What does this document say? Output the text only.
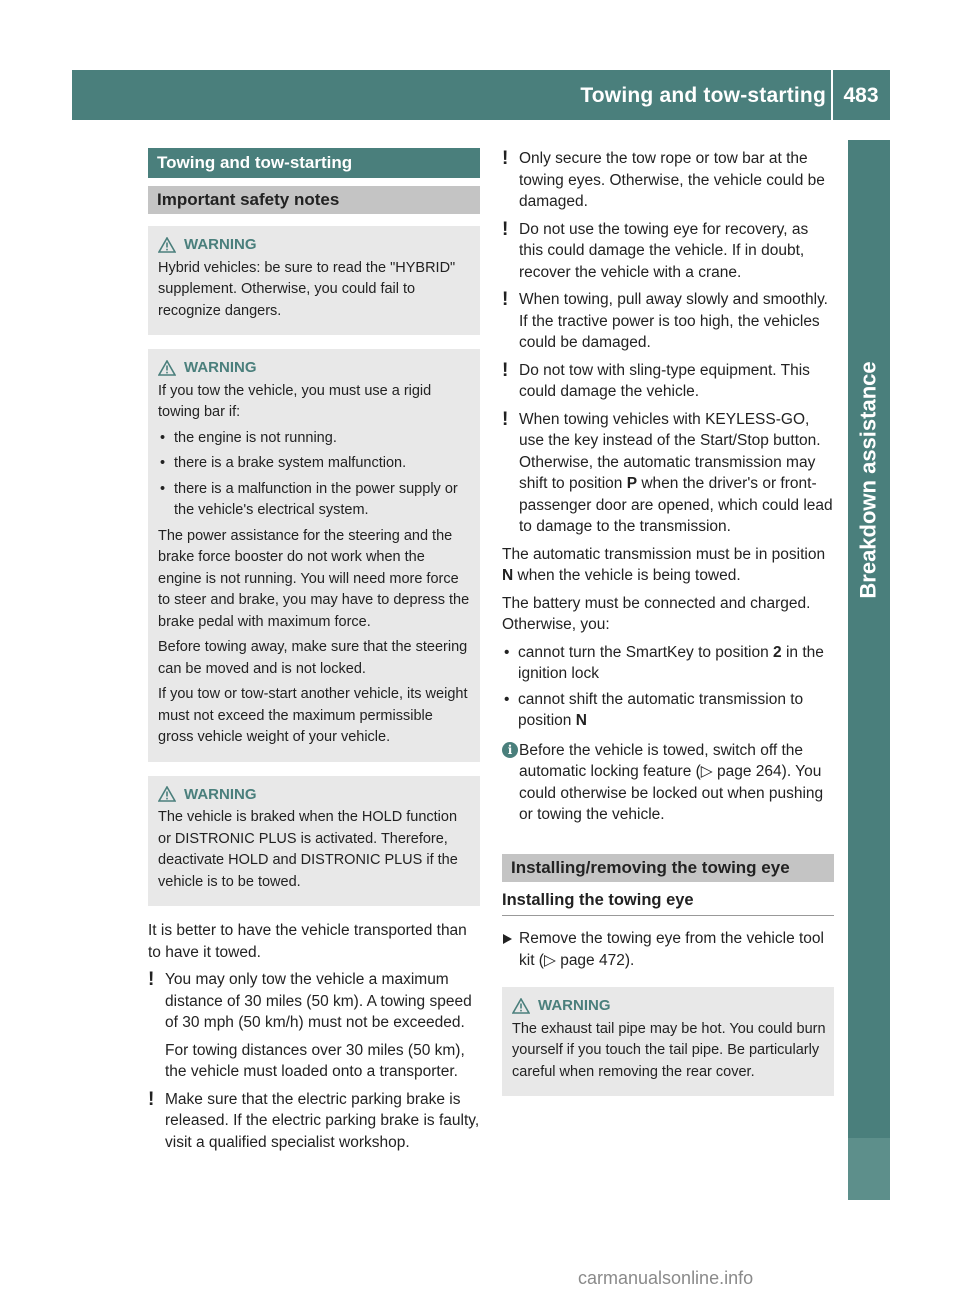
Towing and tow-starting 483
Breakdown assistance
Towing and tow-starting
Important safety notes
WARNING

Hybrid vehicles: be sure to read the "HYBRID" supplement. Otherwise, you could fail to recognize dangers.

WARNING

If you tow the vehicle, you must use a rigid towing bar if:

• the engine is not running.
• there is a brake system malfunction.
• there is a malfunction in the power supply or the vehicle's electrical system.

The power assistance for the steering and the brake force booster do not work when the engine is not running. You will need more force to steer and brake, you may have to depress the brake pedal with maximum force.

Before towing away, make sure that the steering can be moved and is not locked.

If you tow or tow-start another vehicle, its weight must not exceed the maximum permissible gross vehicle weight of your vehicle.

WARNING

The vehicle is braked when the HOLD function or DISTRONIC PLUS is activated. Therefore, deactivate HOLD and DISTRONIC PLUS if the vehicle is to be towed.

It is better to have the vehicle transported than to have it towed.

! You may only tow the vehicle a maximum distance of 30 miles (50 km). A towing speed of 30 mph (50 km/h) must not be exceeded.

For towing distances over 30 miles (50 km), the vehicle must loaded onto a transporter.

! Make sure that the electric parking brake is released. If the electric parking brake is faulty, visit a qualified specialist workshop.

! Only secure the tow rope or tow bar at the towing eyes. Otherwise, the vehicle could be damaged.

! Do not use the towing eye for recovery, as this could damage the vehicle. If in doubt, recover the vehicle with a crane.

! When towing, pull away slowly and smoothly. If the tractive power is too high, the vehicles could be damaged.

! Do not tow with sling-type equipment. This could damage the vehicle.

! When towing vehicles with KEYLESS-GO, use the key instead of the Start/Stop button. Otherwise, the automatic transmission may shift to position P when the driver's or front-passenger door are opened, which could lead to damage to the transmission.

The automatic transmission must be in position N when the vehicle is being towed.

The battery must be connected and charged. Otherwise, you:

• cannot turn the SmartKey to position 2 in the ignition lock
• cannot shift the automatic transmission to position N
i Before the vehicle is towed, switch off the automatic locking feature (▷ page 264). You could otherwise be locked out when pushing or towing the vehicle.

Installing/removing the towing eye
Installing the towing eye
Remove the towing eye from the vehicle tool kit (▷ page 472).
WARNING

The exhaust tail pipe may be hot. You could burn yourself if you touch the tail pipe. Be particularly careful when removing the rear cover.

carmanualsonline.info
